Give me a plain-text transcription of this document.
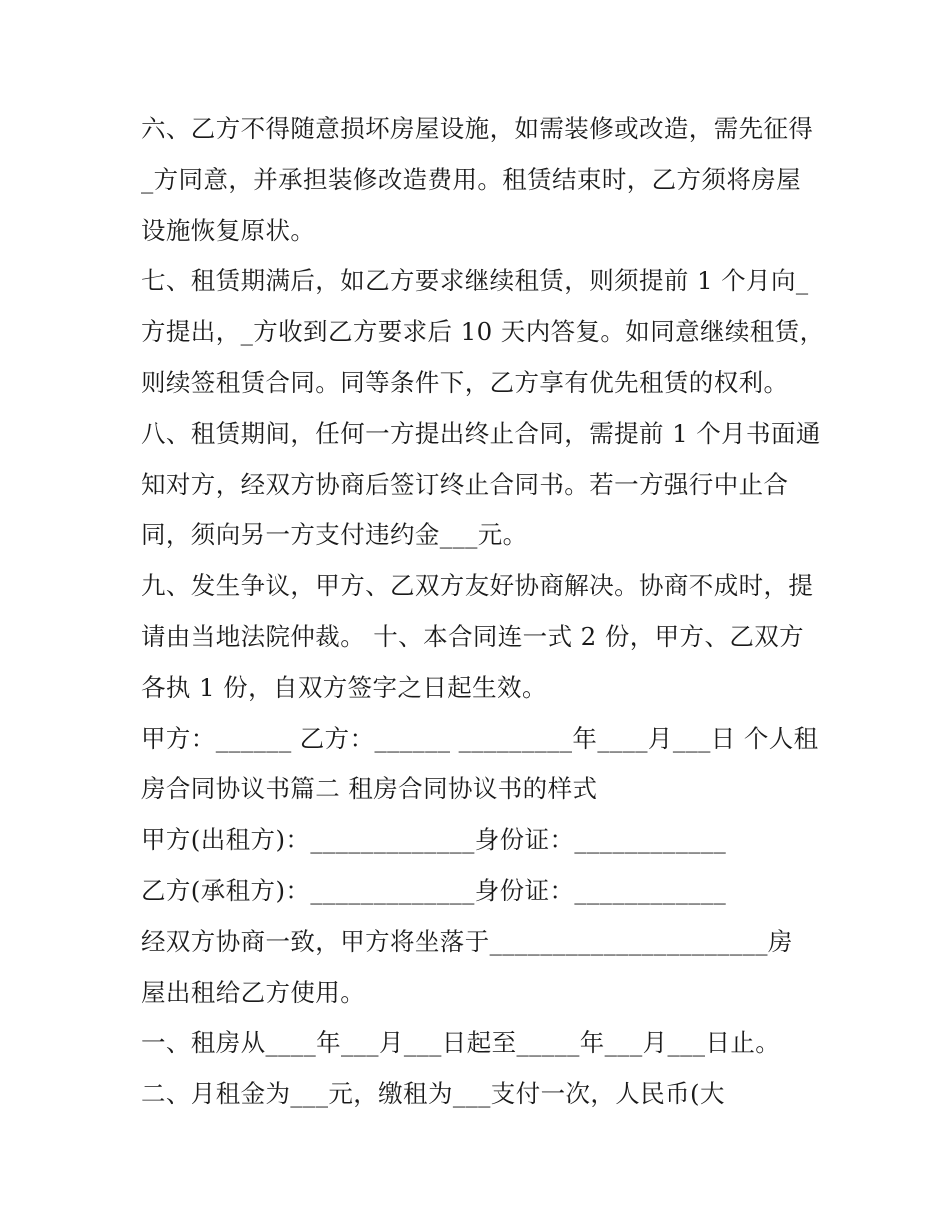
六、乙方不得随意损坏房屋设施，如需装修或改造，需先征得

_方同意，并承担装修改造费用。租赁结束时，乙方须将房屋

设施恢复原状。

七、租赁期满后，如乙方要求继续租赁，则须提前 1 个月向_

方提出，_方收到乙方要求后 10 天内答复。如同意继续租赁，

则续签租赁合同。同等条件下，乙方享有优先租赁的权利。

八、租赁期间，任何一方提出终止合同，需提前 1 个月书面通

知对方，经双方协商后签订终止合同书。若一方强行中止合

同，须向另一方支付违约金___元。

九、发生争议，甲方、乙双方友好协商解决。协商不成时，提

请由当地法院仲裁。 十、本合同连一式 2 份，甲方、乙双方

各执 1 份，自双方签字之日起生效。

甲方：______ 乙方：______ _________年____月___日 个人租

房合同协议书篇二 租房合同协议书的样式

甲方(出租方)：_____________身份证：____________

乙方(承租方)：_____________身份证：____________

经双方协商一致，甲方将坐落于______________________房

屋出租给乙方使用。

一、租房从____年___月___日起至_____年___月___日止。

二、月租金为___元，缴租为___支付一次，人民币(大
